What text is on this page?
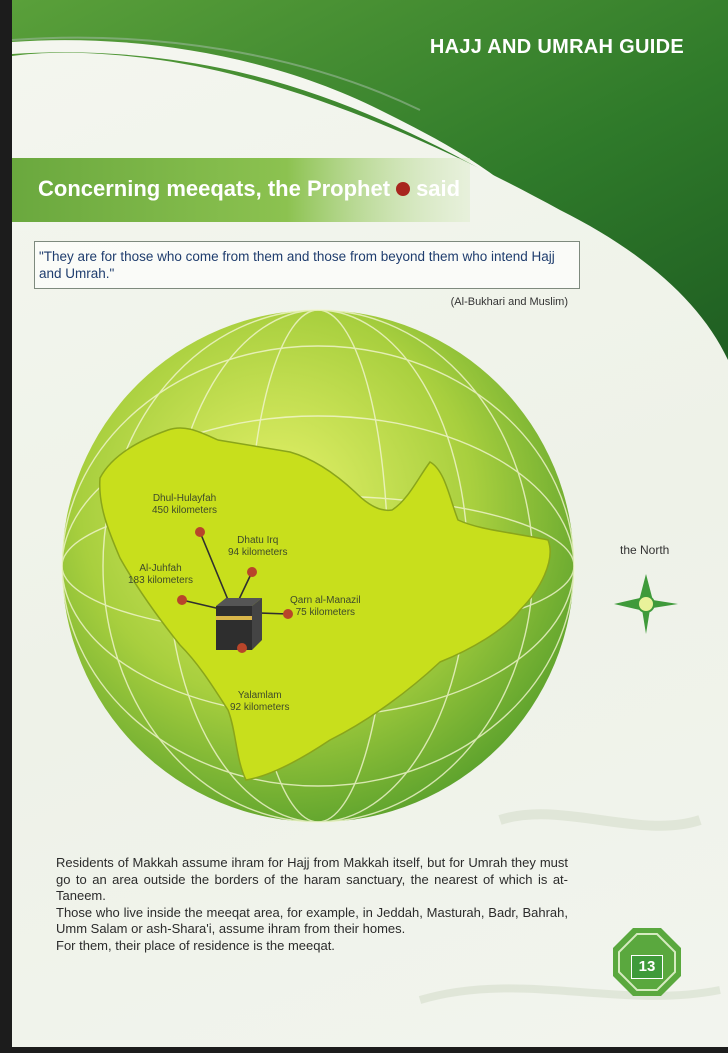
HAJJ AND UMRAH GUIDE
Concerning meeqats, the Prophet said
"They are for those who come from them and those from beyond them who intend Hajj and Umrah."
(Al-Bukhari and Muslim)
the North
Dhul-Hulayfah
450 kilometers
Dhatu Irq
94 kilometers
Al-Juhfah
183 kilometers
Qarn al-Manazil
75 kilometers
Yalamlam
92 kilometers

Residents of Makkah assume ihram for Hajj from Makkah itself, but for Umrah they must go to an area outside the borders of the haram sanctuary, the nearest of which is at-Taneem.

Those who live inside the meeqat area, for example, in Jeddah, Masturah, Badr, Bahrah, Umm Salam or ash-Shara'i, assume ihram from their homes.

For them, their place of residence is the meeqat.

13
